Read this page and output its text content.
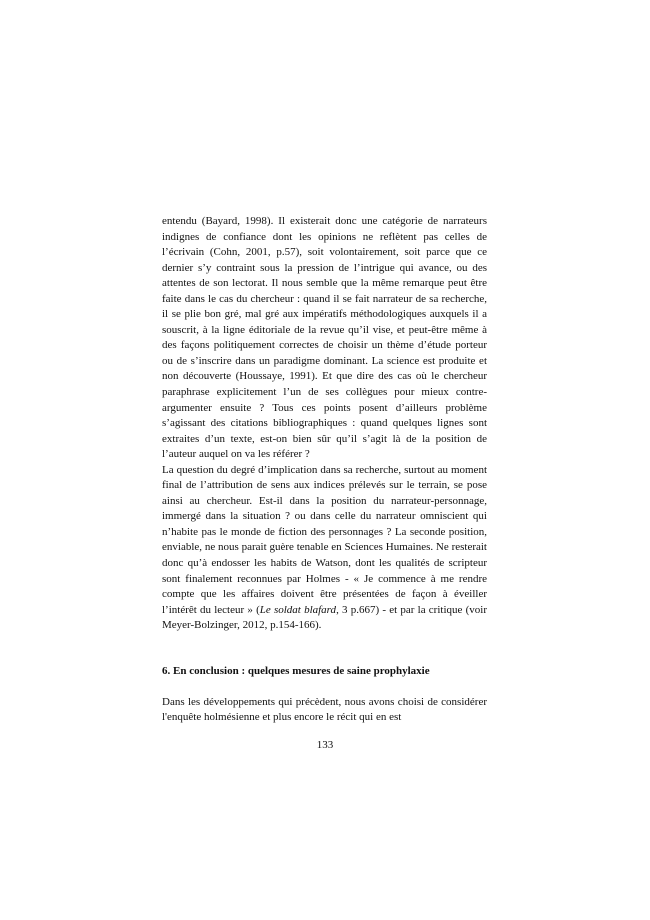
entendu (Bayard, 1998). Il existerait donc une catégorie de narrateurs indignes de confiance dont les opinions ne reflètent pas celles de l’écrivain (Cohn, 2001, p.57), soit volontairement, soit parce que ce dernier s’y contraint sous la pression de l’intrigue qui avance, ou des attentes de son lectorat. Il nous semble que la même remarque peut être faite dans le cas du chercheur : quand il se fait narrateur de sa recherche, il se plie bon gré, mal gré aux impératifs méthodologiques auxquels il a souscrit, à la ligne éditoriale de la revue qu’il vise, et peut-être même à des façons politiquement correctes de choisir un thème d’étude porteur ou de s’inscrire dans un paradigme dominant. La science est produite et non découverte (Houssaye, 1991). Et que dire des cas où le chercheur paraphrase explicitement l’un de ses collègues pour mieux contre-argumenter ensuite ? Tous ces points posent d’ailleurs problème s’agissant des citations bibliographiques : quand quelques lignes sont extraites d’un texte, est-on bien sûr qu’il s’agit là de la position de l’auteur auquel on va les référer ?

La question du degré d’implication dans sa recherche, surtout au moment final de l’attribution de sens aux indices prélevés sur le terrain, se pose ainsi au chercheur. Est-il dans la position du narrateur-personnage, immergé dans la situation ? ou dans celle du narrateur omniscient qui n’habite pas le monde de fiction des personnages ? La seconde position, enviable, ne nous parait guère tenable en Sciences Humaines. Ne resterait donc qu’à endosser les habits de Watson, dont les qualités de scripteur sont finalement reconnues par Holmes - « Je commence à me rendre compte que les affaires doivent être présentées de façon à éveiller l’intérêt du lecteur » (Le soldat blafard, 3 p.667) - et par la critique (voir Meyer-Bolzinger, 2012, p.154-166).

6. En conclusion : quelques mesures de saine prophylaxie

Dans les développements qui précèdent, nous avons choisi de considérer l'enquête holmésienne et plus encore le récit qui en est

133
